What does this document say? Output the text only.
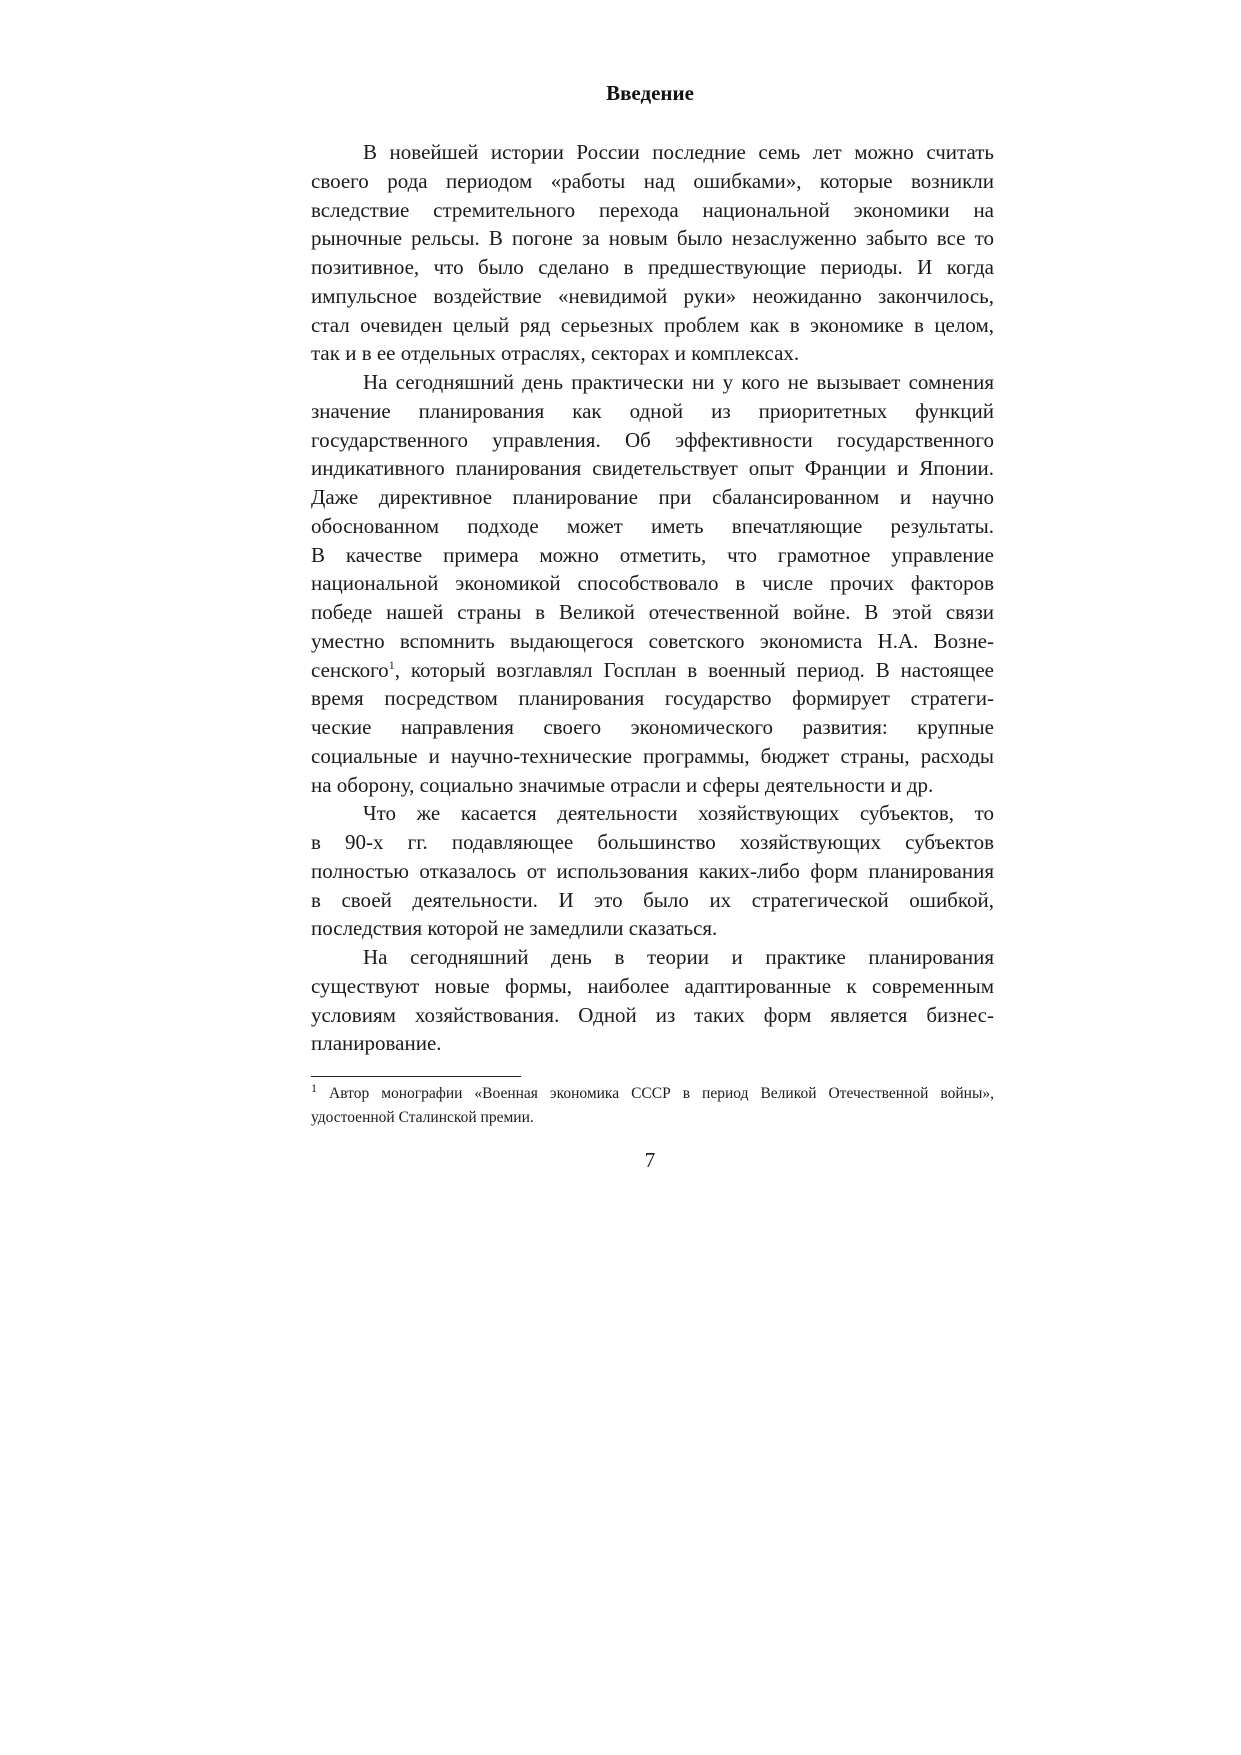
Введение
В новейшей истории России последние семь лет можно считать
своего рода периодом «работы над ошибками», которые возникли
вследствие стремительного перехода национальной экономики на
рыночные рельсы. В погоне за новым было незаслуженно забыто все то
позитивное, что было сделано в предшествующие периоды. И когда
импульсное воздействие «невидимой руки» неожиданно закончилось,
стал очевиден целый ряд серьезных проблем как в экономике в целом,
так и в ее отдельных отраслях, секторах и комплексах.
На сегодняшний день практически ни у кого не вызывает сомнения
значение планирования как одной из приоритетных функций
государственного управления. Об эффективности государственного
индикативного планирования свидетельствует опыт Франции и Японии.
Даже директивное планирование при сбалансированном и научно
обоснованном подходе может иметь впечатляющие результаты.
В качестве примера можно отметить, что грамотное управление
национальной экономикой способствовало в числе прочих факторов
победе нашей страны в Великой отечественной войне. В этой связи
уместно вспомнить выдающегося советского экономиста Н.А. Возне-
сенского$^1$, который возглавлял Госплан в военный период. В настоящее
время посредством планирования государство формирует стратеги-
ческие направления своего экономического развития: крупные
социальные и научно-технические программы, бюджет страны, расходы
на оборону, социально значимые отрасли и сферы деятельности и др.
Что же касается деятельности хозяйствующих субъектов, то
в 90-х гг. подавляющее большинство хозяйствующих субъектов
полностью отказалось от использования каких-либо форм планирования
в своей деятельности. И это было их стратегической ошибкой,
последствия которой не замедлили сказаться.
На сегодняшний день в теории и практике планирования
существуют новые формы, наиболее адаптированные к современным
условиям хозяйствования. Одной из таких форм является бизнес-
планирование.
$^1$ Автор монографии «Военная экономика СССР в период Великой Отечественной войны»,
удостоенной Сталинской премии.
7
